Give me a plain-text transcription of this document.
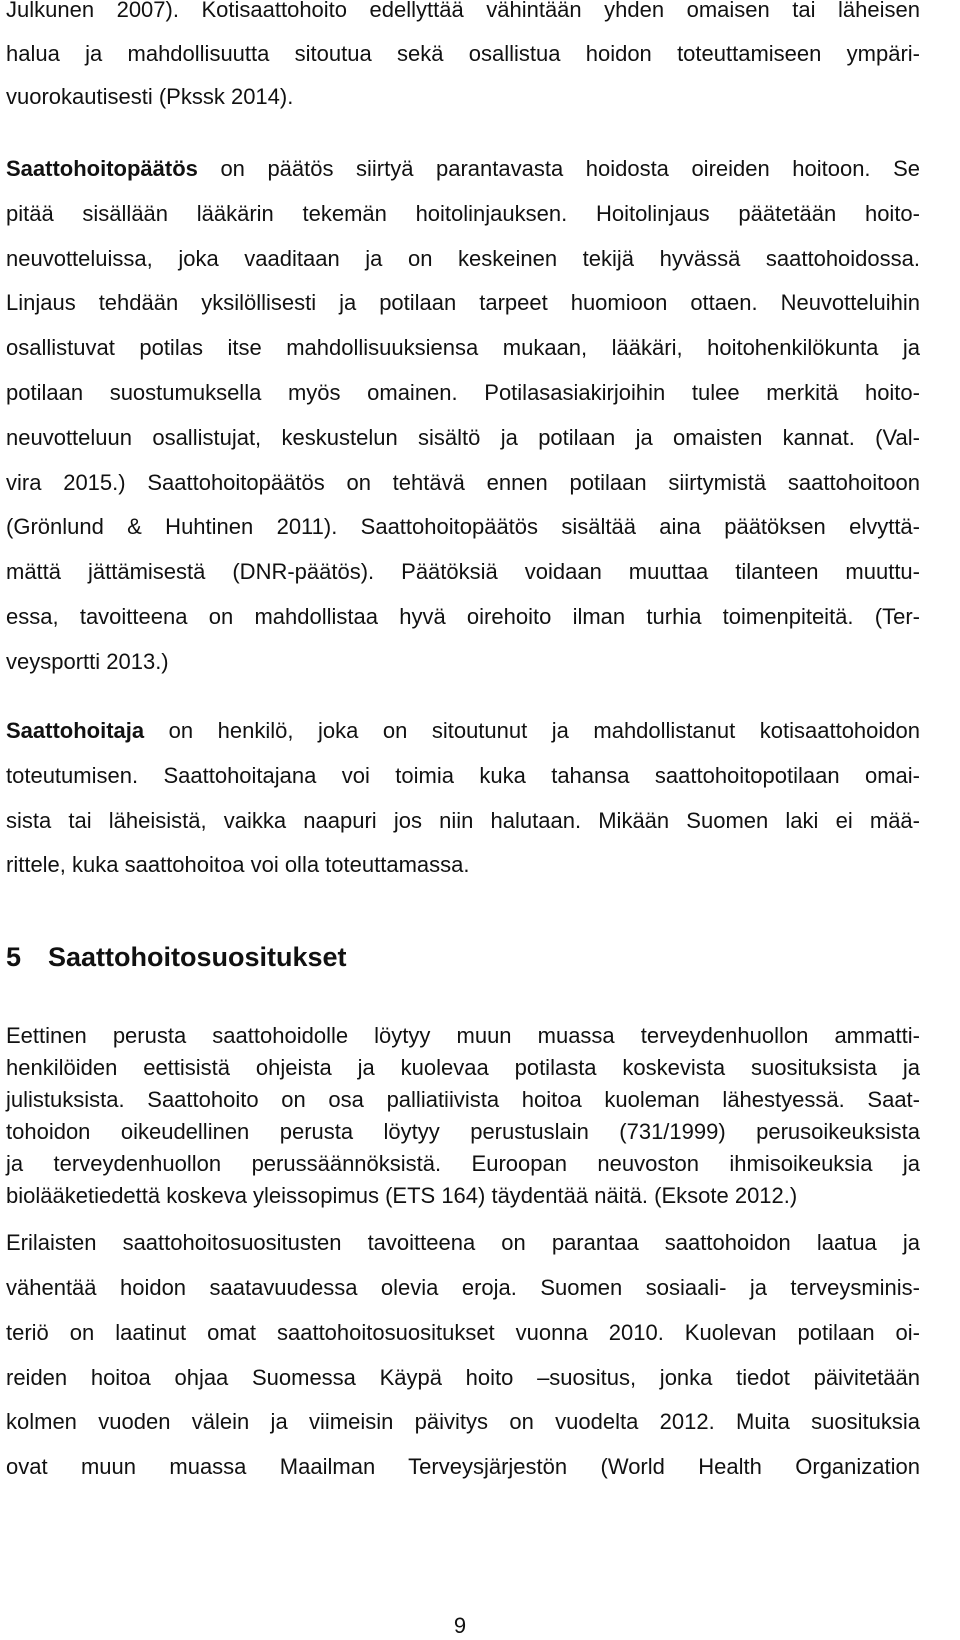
Julkunen 2007). Kotisaattohoito edellyttää vähintään yhden omaisen tai läheisen
halua ja mahdollisuutta sitoutua sekä osallistua hoidon toteuttamiseen ympäri-
vuorokautisesti (Pkssk 2014).
Saattohoitopäätös on päätös siirtyä parantavasta hoidosta oireiden hoitoon. Se
pitää sisällään lääkärin tekemän hoitolinjauksen. Hoitolinjaus päätetään hoito-
neuvotteluissa, joka vaaditaan ja on keskeinen tekijä hyvässä saattohoidossa.
Linjaus tehdään yksilöllisesti ja potilaan tarpeet huomioon ottaen. Neuvotteluihin
osallistuvat potilas itse mahdollisuuksiensa mukaan, lääkäri, hoitohenkilökunta ja
potilaan suostumuksella myös omainen. Potilasasiakirjoihin tulee merkitä hoito-
neuvotteluun osallistujat, keskustelun sisältö ja potilaan ja omaisten kannat. (Val-
vira 2015.) Saattohoitopäätös on tehtävä ennen potilaan siirtymistä saattohoitoon
(Grönlund & Huhtinen 2011). Saattohoitopäätös sisältää aina päätöksen elvyttä-
mättä jättämisestä (DNR-päätös). Päätöksiä voidaan muuttaa tilanteen muuttu-
essa, tavoitteena on mahdollistaa hyvä oirehoito ilman turhia toimenpiteitä. (Ter-
veysportti 2013.)
Saattohoitaja on henkilö, joka on sitoutunut ja mahdollistanut kotisaattohoidon
toteutumisen. Saattohoitajana voi toimia kuka tahansa saattohoitopotilaan omai-
sista tai läheisistä, vaikka naapuri jos niin halutaan. Mikään Suomen laki ei mää-
rittele, kuka saattohoitoa voi olla toteuttamassa.
5 Saattohoitosuositukset
Eettinen perusta saattohoidolle löytyy muun muassa terveydenhuollon ammatti-
henkilöiden eettisistä ohjeista ja kuolevaa potilasta koskevista suosituksista ja
julistuksista. Saattohoito on osa palliatiivista hoitoa kuoleman lähestyessä. Saat-
tohoidon oikeudellinen perusta löytyy perustuslain (731/1999) perusoikeuksista
ja terveydenhuollon perussäännöksistä. Euroopan neuvoston ihmisoikeuksia ja
biolääketiedettä koskeva yleissopimus (ETS 164) täydentää näitä. (Eksote 2012.)
Erilaisten saattohoitosuositusten tavoitteena on parantaa saattohoidon laatua ja
vähentää hoidon saatavuudessa olevia eroja. Suomen sosiaali- ja terveysminis-
teriö on laatinut omat saattohoitosuositukset vuonna 2010. Kuolevan potilaan oi-
reiden hoitoa ohjaa Suomessa Käypä hoito –suositus, jonka tiedot päivitetään
kolmen vuoden välein ja viimeisin päivitys on vuodelta 2012. Muita suosituksia
ovat muun muassa Maailman Terveysjärjestön (World Health Organization
9
